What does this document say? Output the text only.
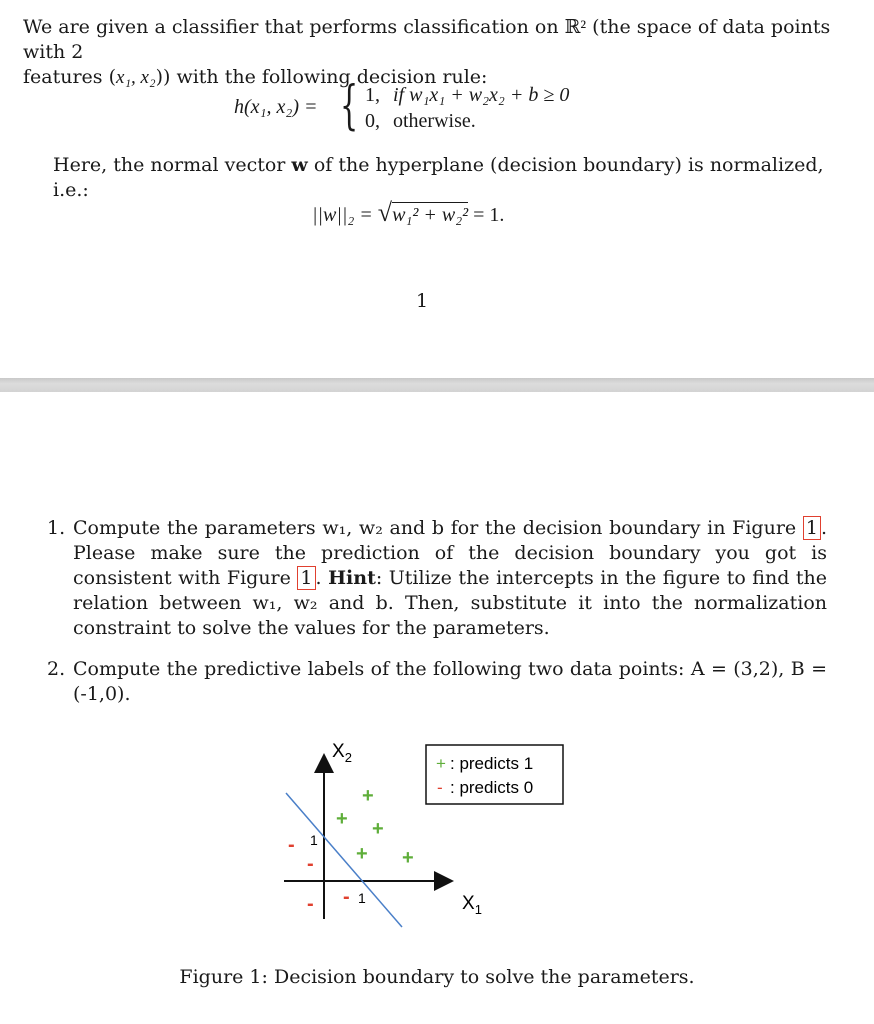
We are given a classifier that performs classification on ℝ² (the space of data points with 2
features (x₁, x₂)) with the following decision rule:

h(x₁, x₂) = { 1, if w₁x₁ + w₂x₂ + b ≥ 0
0, otherwise.

Here, the normal vector w of the hyperplane (decision boundary) is normalized, i.e.:

||w||₂ = √w₁² + w₂² = 1.
1
1. Compute the parameters w₁, w₂ and b for the decision boundary in Figure 1 . Please make sure the prediction of the decision boundary you got is consistent with Figure 1 . Hint: Utilize the intercepts in the figure to find the relation between w₁, w₂ and b. Then, substitute it into the normalization constraint to solve the values for the parameters.
2. Compute the predictive labels of the following two data points: A = (3,2), B = (-1,0).
$X_2$
$X_1$
1
1
+
+ +
+ +
-
-
- -
+ : predicts 1
- : predicts 0
Figure 1: Decision boundary to solve the parameters.
